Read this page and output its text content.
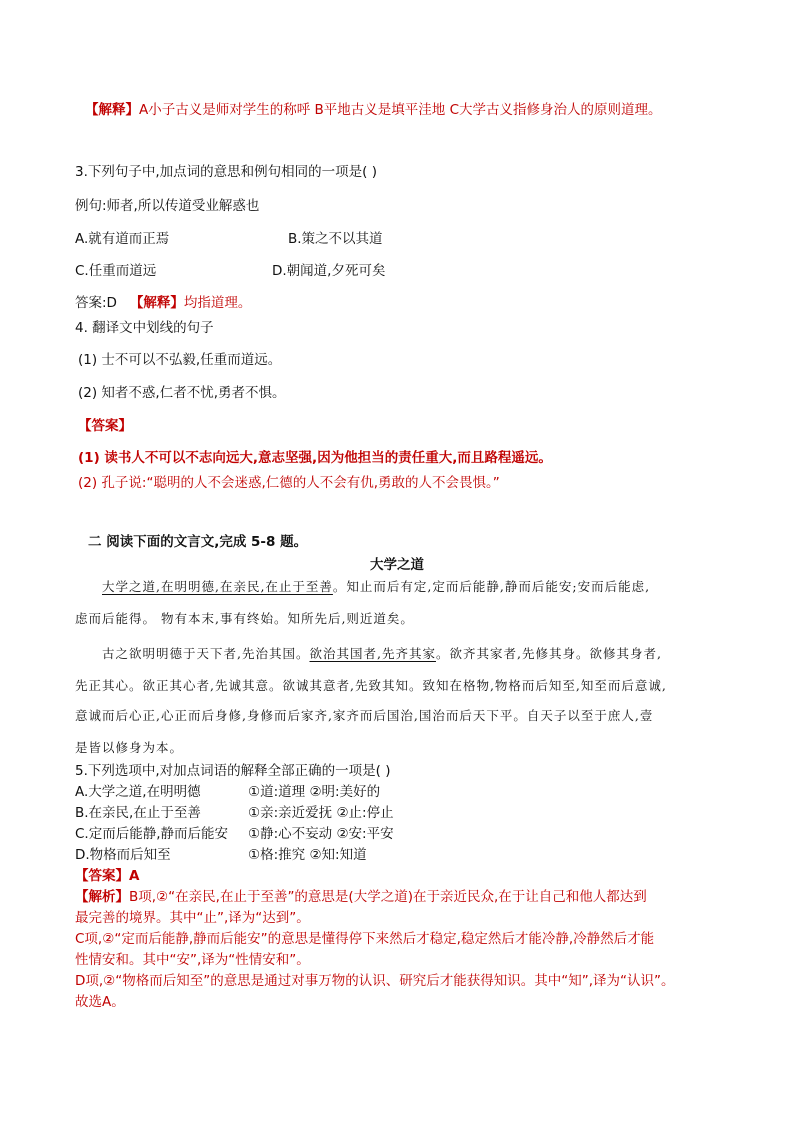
【解释】A小子古义是师对学生的称呼 B平地古义是填平洼地 C大学古义指修身治人的原则道理。
3.下列句子中,加点词的意思和例句相同的一项是( )
例句:师者,所以传道受业解惑也
A.就有道而正焉	B.策之不以其道
C.任重而道远	D.朝闻道,夕死可矣
答案:D 【解释】均指道理。
4. 翻译文中划线的句子
(1) 士不可以不弘毅,任重而道远。
(2) 知者不惑,仁者不忧,勇者不惧。
【答案】
(1) 读书人不可以不志向远大,意志坚强,因为他担当的责任重大,而且路程遥远。
(2) 孔子说:“聪明的人不会迷惑,仁德的人不会有仇,勇敢的人不会畏惧。”
二 阅读下面的文言文,完成 5-8 题。
大学之道
大学之道,在明明德,在亲民,在止于至善。知止而后有定,定而后能静,静而后能安;安而后能虑,
虑而后能得。 物有本末,事有终始。知所先后,则近道矣。
古之欲明明德于天下者,先治其国。欲治其国者,先齐其家。欲齐其家者,先修其身。欲修其身者,
先正其心。欲正其心者,先诚其意。欲诚其意者,先致其知。致知在格物,物格而后知至,知至而后意诚,
意诚而后心正,心正而后身修,身修而后家齐,家齐而后国治,国治而后天下平。自天子以至于庶人,壹
是皆以修身为本。
5.下列选项中,对加点词语的解释全部正确的一项是( )
A.大学之道,在明明德	①道:道理 ②明:美好的
B.在亲民,在止于至善	①亲:亲近爱抚 ②止:停止
C.定而后能静,静而后能安 ①静:心不妄动 ②安:平安
D.物格而后知至	①格:推究 ②知:知道
【答案】A
【解析】B项,②“在亲民,在止于至善”的意思是(大学之道)在于亲近民众,在于让自己和他人都达到
最完善的境界。其中“止”,译为“达到”。
C项,②“定而后能静,静而后能安”的意思是懂得停下来然后才稳定,稳定然后才能冷静,冷静然后才能
性情安和。其中“安”,译为“性情安和”。
D项,②“物格而后知至”的意思是通过对事万物的认识、研究后才能获得知识。其中“知”,译为“认识”。
故选A。
